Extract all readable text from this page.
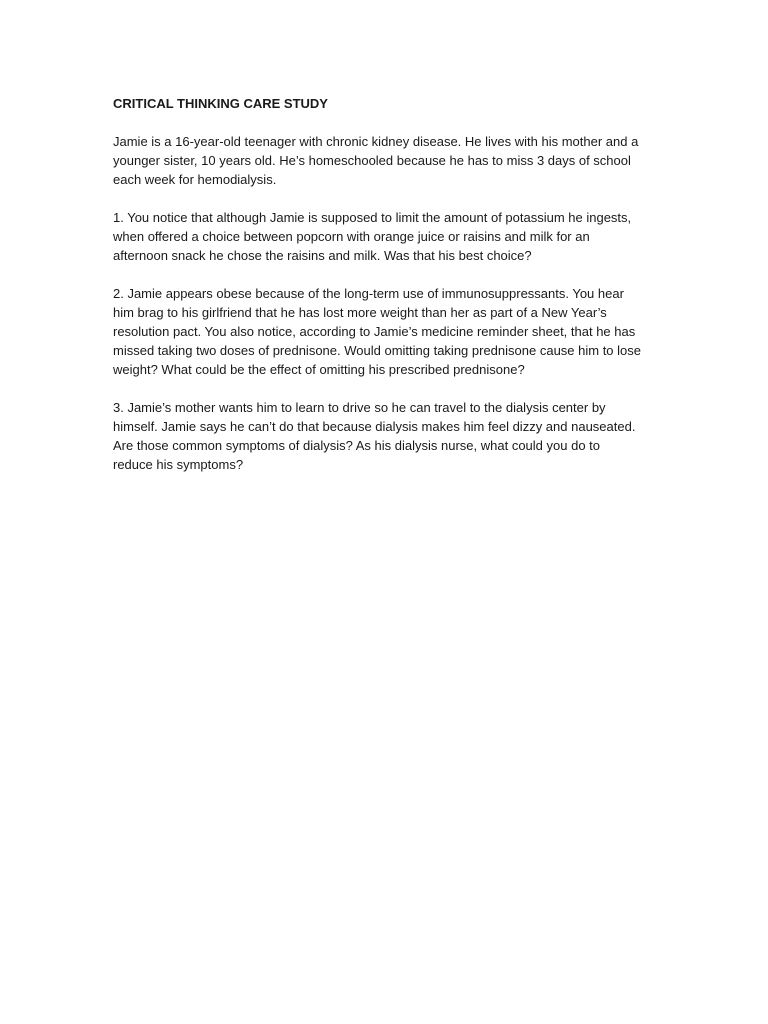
CRITICAL THINKING CARE STUDY

Jamie is a 16-year-old teenager with chronic kidney disease. He lives with his mother and a younger sister, 10 years old. He’s homeschooled because he has to miss 3 days of school each week for hemodialysis.

1. You notice that although Jamie is supposed to limit the amount of potassium he ingests, when offered a choice between popcorn with orange juice or raisins and milk for an afternoon snack he chose the raisins and milk. Was that his best choice?

2. Jamie appears obese because of the long-term use of immunosuppressants. You hear him brag to his girlfriend that he has lost more weight than her as part of a New Year’s resolution pact. You also notice, according to Jamie’s medicine reminder sheet, that he has missed taking two doses of prednisone. Would omitting taking prednisone cause him to lose weight? What could be the effect of omitting his prescribed prednisone?

3. Jamie’s mother wants him to learn to drive so he can travel to the dialysis center by himself. Jamie says he can’t do that because dialysis makes him feel dizzy and nauseated. Are those common symptoms of dialysis? As his dialysis nurse, what could you do to reduce his symptoms?
